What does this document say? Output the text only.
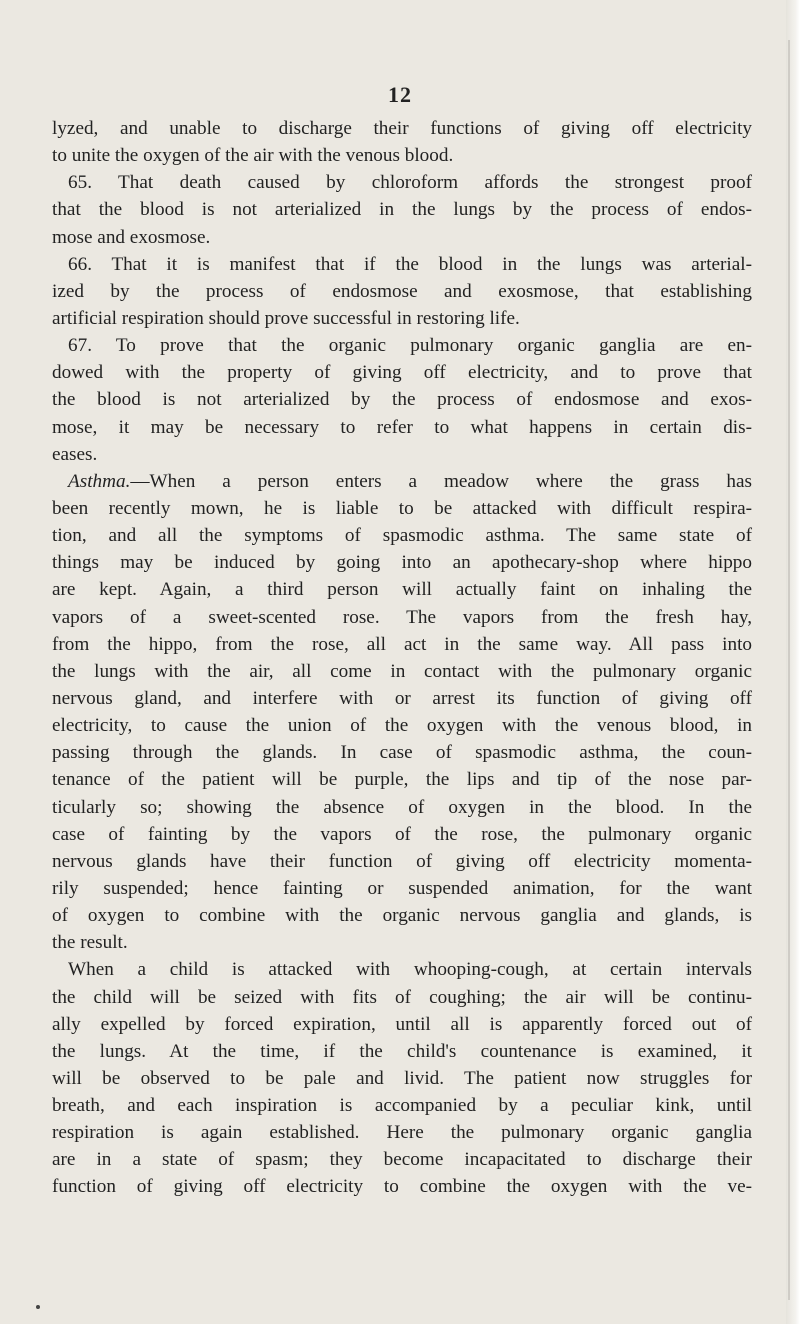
12
lyzed, and unable to discharge their functions of giving off electricity
to unite the oxygen of the air with the venous blood.
65. That death caused by chloroform affords the strongest proof
that the blood is not arterialized in the lungs by the process of endos-
mose and exosmose.
66. That it is manifest that if the blood in the lungs was arterial-
ized by the process of endosmose and exosmose, that establishing
artificial respiration should prove successful in restoring life.
67. To prove that the organic pulmonary organic ganglia are en-
dowed with the property of giving off electricity, and to prove that
the blood is not arterialized by the process of endosmose and exos-
mose, it may be necessary to refer to what happens in certain dis-
eases.
Asthma.—When a person enters a meadow where the grass has
been recently mown, he is liable to be attacked with difficult respira-
tion, and all the symptoms of spasmodic asthma. The same state of
things may be induced by going into an apothecary-shop where hippo
are kept. Again, a third person will actually faint on inhaling the
vapors of a sweet-scented rose. The vapors from the fresh hay,
from the hippo, from the rose, all act in the same way. All pass into
the lungs with the air, all come in contact with the pulmonary organic
nervous gland, and interfere with or arrest its function of giving off
electricity, to cause the union of the oxygen with the venous blood, in
passing through the glands. In case of spasmodic asthma, the coun-
tenance of the patient will be purple, the lips and tip of the nose par-
ticularly so; showing the absence of oxygen in the blood. In the
case of fainting by the vapors of the rose, the pulmonary organic
nervous glands have their function of giving off electricity momenta-
rily suspended; hence fainting or suspended animation, for the want
of oxygen to combine with the organic nervous ganglia and glands, is
the result.
When a child is attacked with whooping-cough, at certain intervals
the child will be seized with fits of coughing; the air will be continu-
ally expelled by forced expiration, until all is apparently forced out of
the lungs. At the time, if the child's countenance is examined, it
will be observed to be pale and livid. The patient now struggles for
breath, and each inspiration is accompanied by a peculiar kink, until
respiration is again established. Here the pulmonary organic ganglia
are in a state of spasm; they become incapacitated to discharge their
function of giving off electricity to combine the oxygen with the ve-
